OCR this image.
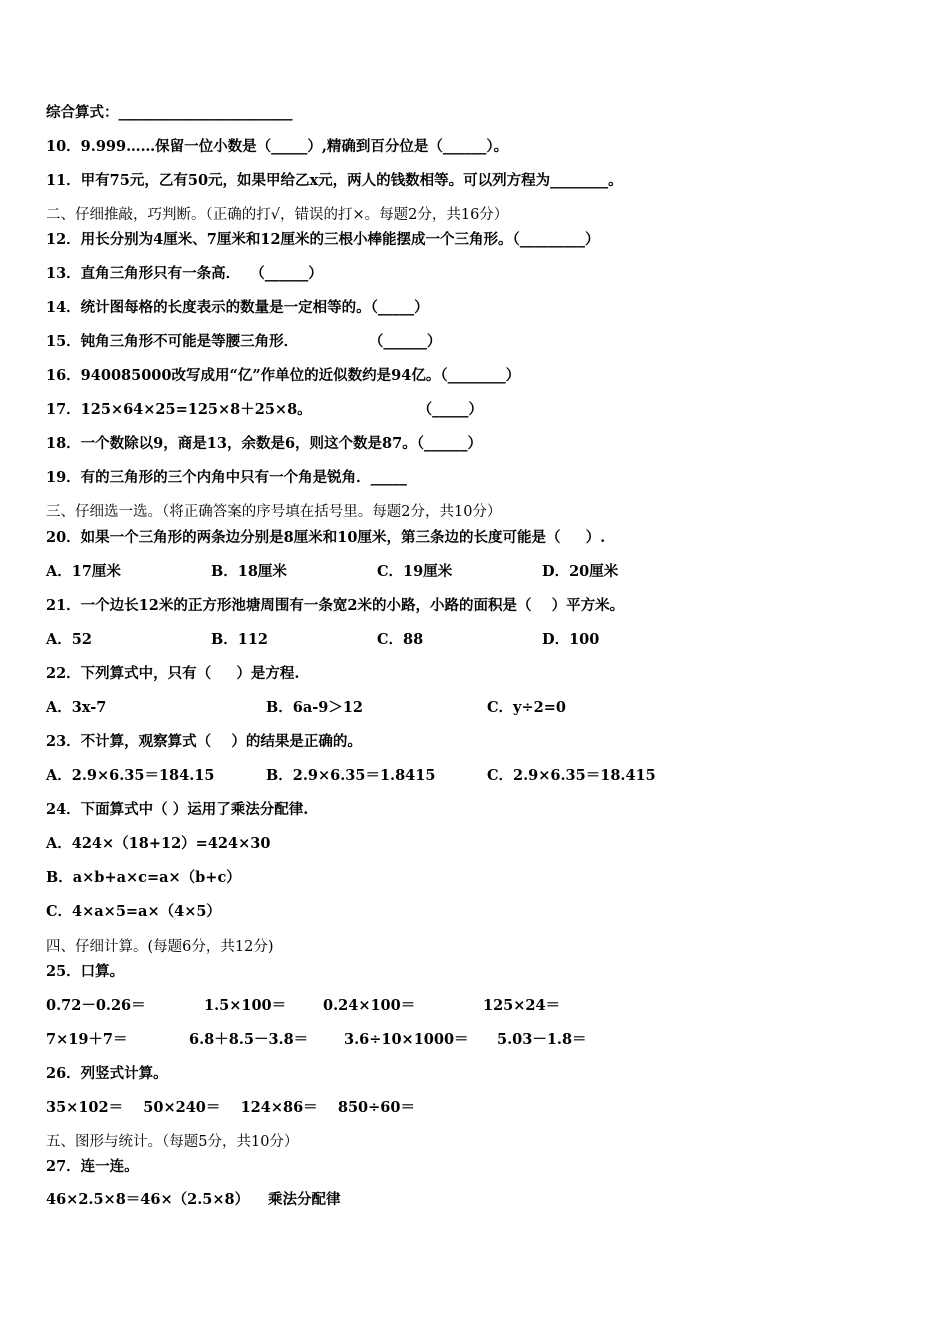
综合算式：________________________
10．9.999……保留一位小数是（_____）,精确到百分位是（______）。
11．甲有75元，乙有50元，如果甲给乙x元，两人的钱数相等。可以列方程为________。
二、仔细推敲，巧判断。（正确的打√，错误的打×。每题2分，共16分）
12．用长分别为4厘米、7厘米和12厘米的三根小棒能摆成一个三角形。（_________）
13．直角三角形只有一条高．  （______）
14．统计图每格的长度表示的数量是一定相等的。（_____）
15．钝角三角形不可能是等腰三角形．              （______）
16．940085000改写成用“亿”作单位的近似数约是94亿。（________）
17．125×64×25=125×8＋25×8。                     （_____）
18．一个数除以9，商是13，余数是6，则这个数是87。（______）
19．有的三角形的三个内角中只有一个角是锐角．_____
三、仔细选一选。（将正确答案的序号填在括号里。每题2分，共10分）
20．如果一个三角形的两条边分别是8厘米和10厘米，第三条边的长度可能是（     ）.
A．17厘米	B．18厘米	C．19厘米	D．20厘米
21．一个边长12米的正方形池塘周围有一条宽2米的小路，小路的面积是（    ）平方米。
A．52	B．112	C．88	D．100
22．下列算式中，只有（     ）是方程.
A．3x-7	B．6a-9＞12	C．y÷2=0
23．不计算，观察算式（    ）的结果是正确的。
A．2.9×6.35＝184.15	B．2.9×6.35＝1.8415	C．2.9×6.35＝18.415
24．下面算式中（ ）运用了乘法分配律.
A．424×（18+12）=424×30
B．a×b+a×c=a×（b+c）
C．4×a×5=a×（4×5）
四、仔细计算。(每题6分，共12分)
25．口算。
0.72－0.26＝	1.5×100＝	0.24×100＝	125×24＝
7×19＋7＝	6.8＋8.5－3.8＝ 3.6÷10×1000＝ 5.03－1.8＝
26．列竖式计算。
35×102＝    50×240＝    124×86＝    850÷60＝
五、图形与统计。（每题5分，共10分）
27．连一连。
46×2.5×8＝46×（2.5×8） 乘法分配律
